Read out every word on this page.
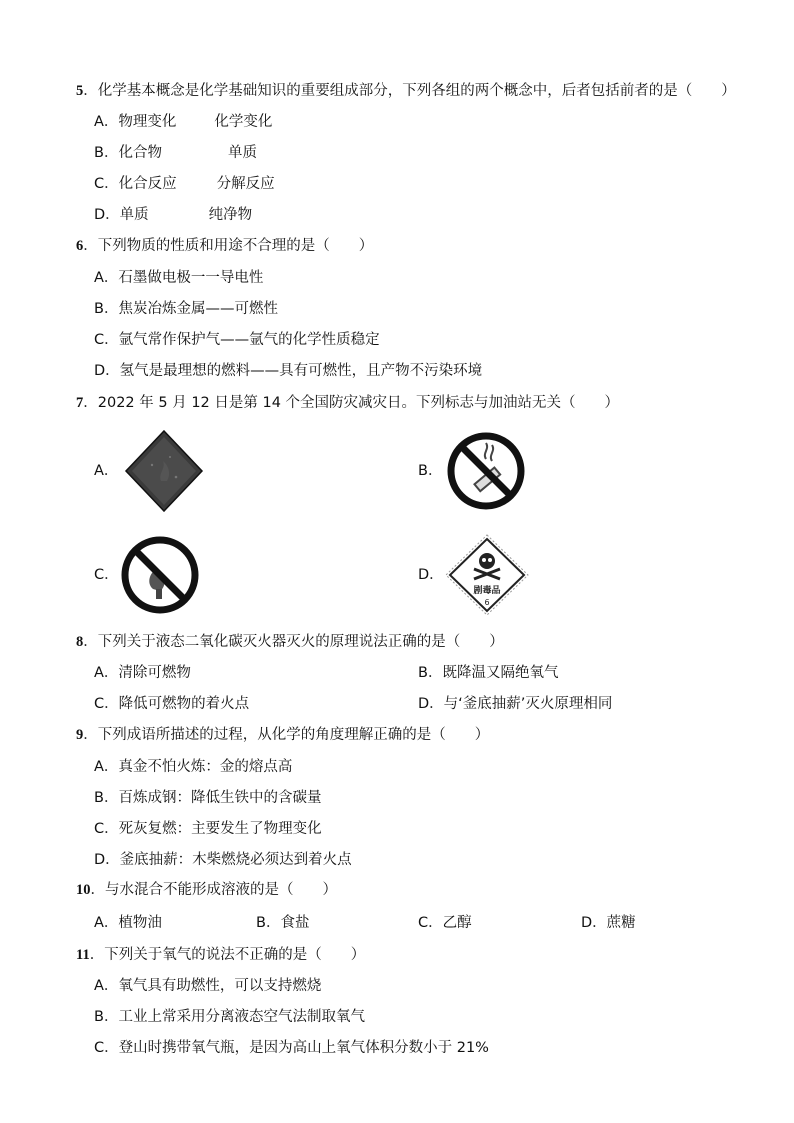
5．化学基本概念是化学基础知识的重要组成部分，下列各组的两个概念中，后者包括前者的是（　　）
A．物理变化	化学变化
B．化合物	单质
C．化合反应	分解反应
D．单质	纯净物
6．下列物质的性质和用途不合理的是（　　）
A．石墨做电极一一导电性
B．焦炭冶炼金属——可燃性
C．氩气常作保护气——氩气的化学性质稳定
D．氢气是最理想的燃料——具有可燃性，且产物不污染环境
7．2022 年 5 月 12 日是第 14 个全国防灾减灾日。下列标志与加油站无关（　　）
A．	B．
C．	D．
剧毒品
6
8．下列关于液态二氧化碳灭火器灭火的原理说法正确的是（　　）
A．清除可燃物	B．既降温又隔绝氧气
C．降低可燃物的着火点	D．与‘釜底抽薪’灭火原理相同
9．下列成语所描述的过程，从化学的角度理解正确的是（　　）
A．真金不怕火炼：金的熔点高
B．百炼成钢：降低生铁中的含碳量
C．死灰复燃：主要发生了物理变化
D．釜底抽薪：木柴燃烧必须达到着火点
10．与水混合不能形成溶液的是（　　）
A．植物油	B．食盐	C．乙醇	D．蔗糖
11．下列关于氧气的说法不正确的是（　　）
A．氧气具有助燃性，可以支持燃烧
B．工业上常采用分离液态空气法制取氧气
C．登山时携带氧气瓶，是因为高山上氧气体积分数小于 21%
